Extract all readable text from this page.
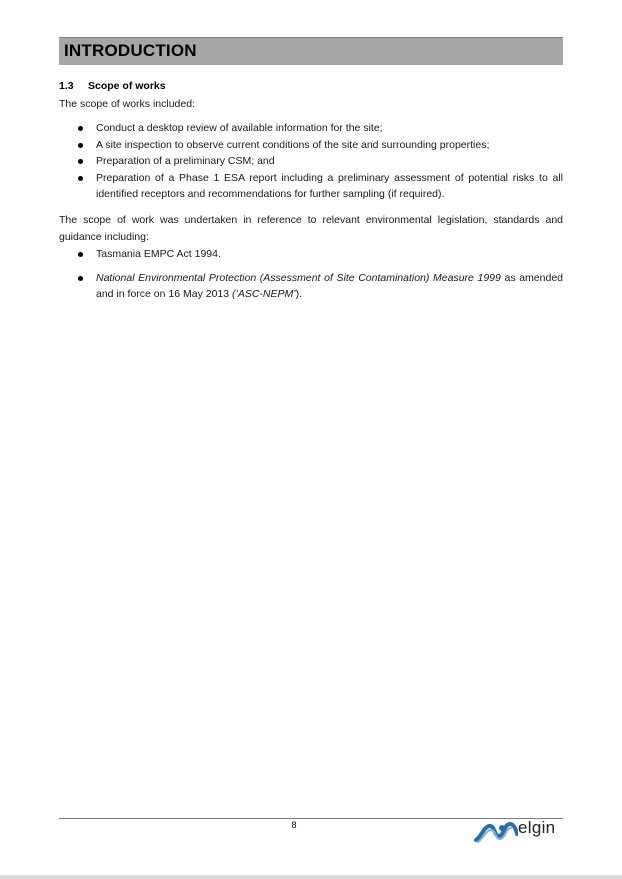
INTRODUCTION
1.3 Scope of works
The scope of works included:
Conduct a desktop review of available information for the site;
A site inspection to observe current conditions of the site and surrounding properties;
Preparation of a preliminary CSM; and
Preparation of a Phase 1 ESA report including a preliminary assessment of potential risks to all identified receptors and recommendations for further sampling (if required).
The scope of work was undertaken in reference to relevant environmental legislation, standards and guidance including:
Tasmania EMPC Act 1994.
National Environmental Protection (Assessment of Site Contamination) Measure 1999 as amended and in force on 16 May 2013 (’ASC-NEPM’).
8	elgin
